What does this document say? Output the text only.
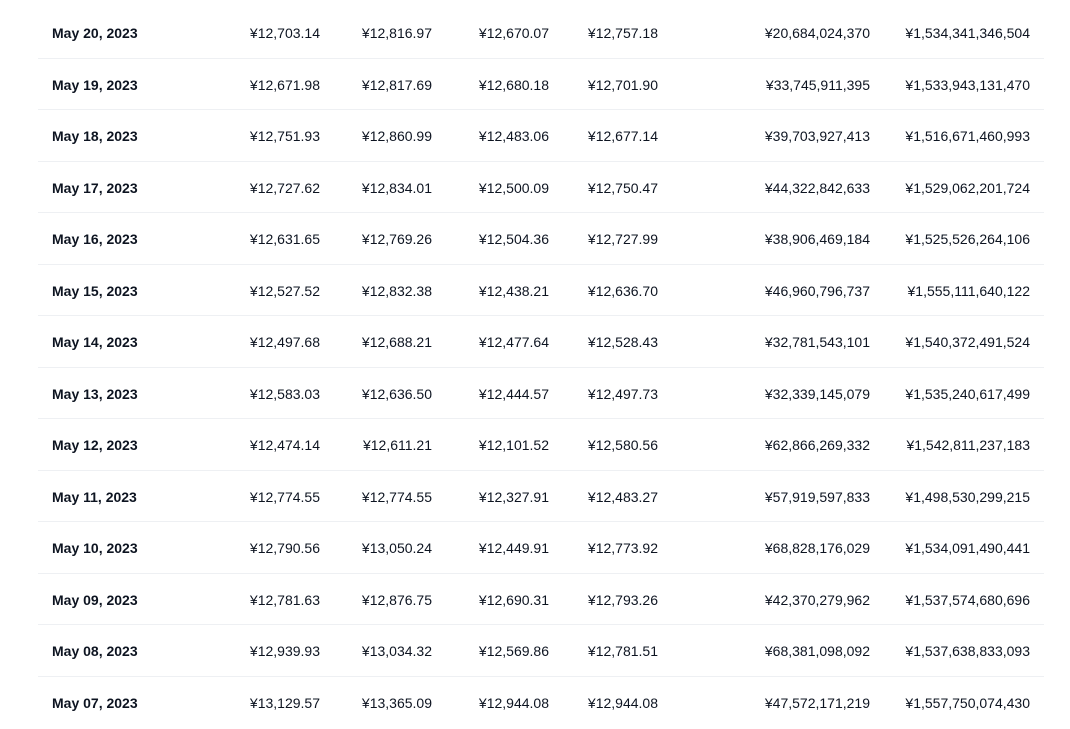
May 20, 2023	¥12,703.14	¥12,816.97	¥12,670.07	¥12,757.18	¥20,684,024,370	¥1,534,341,346,504
May 19, 2023	¥12,671.98	¥12,817.69	¥12,680.18	¥12,701.90	¥33,745,911,395	¥1,533,943,131,470
May 18, 2023	¥12,751.93	¥12,860.99	¥12,483.06	¥12,677.14	¥39,703,927,413	¥1,516,671,460,993
May 17, 2023	¥12,727.62	¥12,834.01	¥12,500.09	¥12,750.47	¥44,322,842,633	¥1,529,062,201,724
May 16, 2023	¥12,631.65	¥12,769.26	¥12,504.36	¥12,727.99	¥38,906,469,184	¥1,525,526,264,106
May 15, 2023	¥12,527.52	¥12,832.38	¥12,438.21	¥12,636.70	¥46,960,796,737	¥1,555,111,640,122
May 14, 2023	¥12,497.68	¥12,688.21	¥12,477.64	¥12,528.43	¥32,781,543,101	¥1,540,372,491,524
May 13, 2023	¥12,583.03	¥12,636.50	¥12,444.57	¥12,497.73	¥32,339,145,079	¥1,535,240,617,499
May 12, 2023	¥12,474.14	¥12,611.21	¥12,101.52	¥12,580.56	¥62,866,269,332	¥1,542,811,237,183
May 11, 2023	¥12,774.55	¥12,774.55	¥12,327.91	¥12,483.27	¥57,919,597,833	¥1,498,530,299,215
May 10, 2023	¥12,790.56	¥13,050.24	¥12,449.91	¥12,773.92	¥68,828,176,029	¥1,534,091,490,441
May 09, 2023	¥12,781.63	¥12,876.75	¥12,690.31	¥12,793.26	¥42,370,279,962	¥1,537,574,680,696
May 08, 2023	¥12,939.93	¥13,034.32	¥12,569.86	¥12,781.51	¥68,381,098,092	¥1,537,638,833,093
May 07, 2023	¥13,129.57	¥13,365.09	¥12,944.08	¥12,944.08	¥47,572,171,219	¥1,557,750,074,430
